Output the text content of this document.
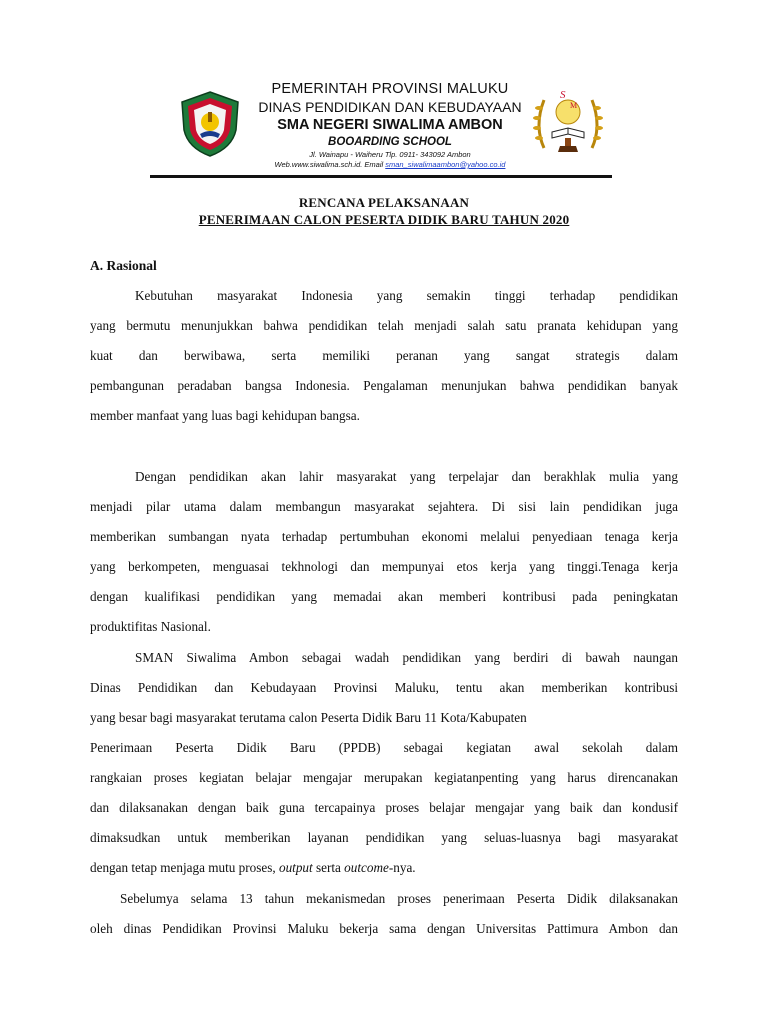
PEMERINTAH PROVINSI MALUKU
DINAS PENDIDIKAN DAN KEBUDAYAAN
SMA NEGERI SIWALIMA AMBON
BOOARDING SCHOOL
Jl. Wainapu - Waiheru Tlp. 0911- 343092 Ambon
Web.www.siwalima.sch.id. Email sman_siwalimaambon@yahoo.co.id
S
M
RENCANA PELAKSANAAN
PENERIMAAN CALON PESERTA DIDIK BARU TAHUN 2020
A. Rasional
Kebutuhan masyarakat Indonesia yang semakin tinggi terhadap pendidikan
yang bermutu menunjukkan bahwa pendidikan telah menjadi salah satu pranata kehidupan yang
kuat dan berwibawa, serta memiliki peranan yang sangat strategis dalam
pembangunan peradaban bangsa Indonesia. Pengalaman menunjukan bahwa pendidikan banyak
member manfaat yang luas bagi kehidupan bangsa.
Dengan pendidikan akan lahir masyarakat yang terpelajar dan berakhlak mulia yang
menjadi pilar utama dalam membangun masyarakat sejahtera. Di sisi lain pendidikan juga
memberikan sumbangan nyata terhadap pertumbuhan ekonomi melalui penyediaan tenaga kerja
yang berkompeten, menguasai tekhnologi dan mempunyai etos kerja yang tinggi.Tenaga kerja
dengan kualifikasi pendidikan yang memadai akan memberi kontribusi pada peningkatan
produktifitas Nasional.
SMAN Siwalima Ambon sebagai wadah pendidikan yang berdiri di bawah naungan
Dinas Pendidikan dan Kebudayaan Provinsi Maluku, tentu akan memberikan kontribusi
yang besar bagi masyarakat terutama calon Peserta Didik Baru 11 Kota/Kabupaten
Penerimaan Peserta Didik Baru (PPDB) sebagai kegiatan awal sekolah dalam
rangkaian proses kegiatan belajar mengajar merupakan kegiatanpenting yang harus direncanakan
dan dilaksanakan dengan baik guna tercapainya proses belajar mengajar yang baik dan kondusif
dimaksudkan untuk memberikan layanan pendidikan yang seluas-luasnya bagi masyarakat
dengan tetap menjaga mutu proses, output serta outcome-nya.
Sebelumya selama 13 tahun mekanismedan proses penerimaan Peserta Didik dilaksanakan
oleh dinas Pendidikan Provinsi Maluku bekerja sama dengan Universitas Pattimura Ambon dan
